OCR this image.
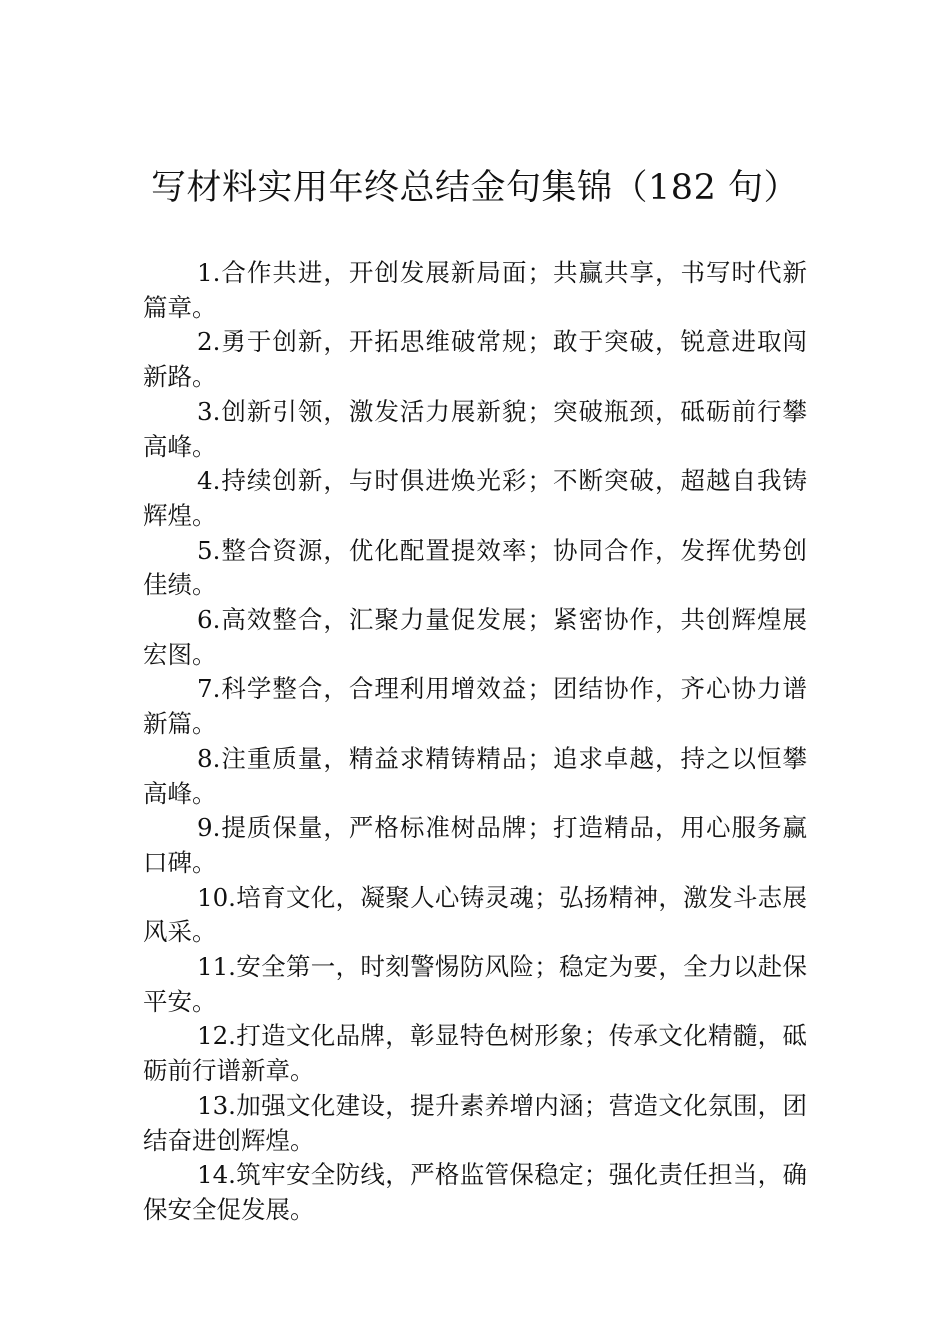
写材料实用年终总结金句集锦（182 句）

1.合作共进，开创发展新局面；共赢共享，书写时代新篇章。

2.勇于创新，开拓思维破常规；敢于突破，锐意进取闯新路。

3.创新引领，激发活力展新貌；突破瓶颈，砥砺前行攀高峰。

4.持续创新，与时俱进焕光彩；不断突破，超越自我铸辉煌。

5.整合资源，优化配置提效率；协同合作，发挥优势创佳绩。

6.高效整合，汇聚力量促发展；紧密协作，共创辉煌展宏图。

7.科学整合，合理利用增效益；团结协作，齐心协力谱新篇。

8.注重质量，精益求精铸精品；追求卓越，持之以恒攀高峰。

9.提质保量，严格标准树品牌；打造精品，用心服务赢口碑。

10.培育文化，凝聚人心铸灵魂；弘扬精神，激发斗志展风采。

11.安全第一，时刻警惕防风险；稳定为要，全力以赴保平安。

12.打造文化品牌，彰显特色树形象；传承文化精髓，砥砺前行谱新章。

13.加强文化建设，提升素养增内涵；营造文化氛围，团结奋进创辉煌。

14.筑牢安全防线，严格监管保稳定；强化责任担当，确保安全促发展。
